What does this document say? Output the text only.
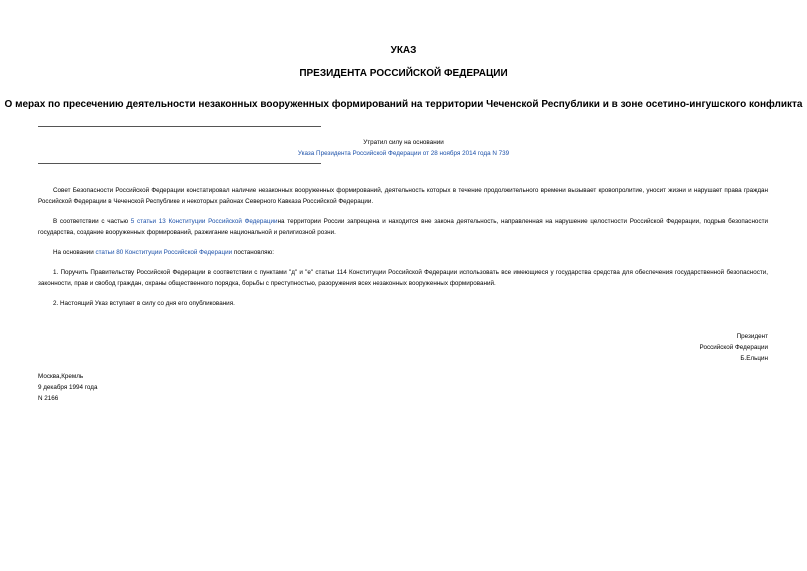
УКАЗ
ПРЕЗИДЕНТА РОССИЙСКОЙ ФЕДЕРАЦИИ
О мерах по пресечению деятельности незаконных вооруженных формирований на территории Чеченской Республики и в зоне осетино-ингушского конфликта
Утратил силу на основании
Указа Президента Российской Федерации от 28 ноября 2014 года N 739
Совет Безопасности Российской Федерации констатировал наличие незаконных вооруженных формирований, деятельность которых в течение продолжительного времени вызывает кровопролитие, уносит жизни и нарушает права граждан Российской Федерации в Чеченской Республике и некоторых районах Северного Кавказа Российской Федерации.
В соответствии с частью 5 статьи 13 Конституции Российской Федерациина территории России запрещена и находится вне закона деятельность, направленная на нарушение целостности Российской Федерации, подрыв безопасности государства, создание вооруженных формирований, разжигание национальной и религиозной розни.
На основании статьи 80 Конституции Российской Федерации постановляю:
1. Поручить Правительству Российской Федерации в соответствии с пунктами "д" и "е" статьи 114 Конституции Российской Федерации использовать все имеющиеся у государства средства для обеспечения государственной безопасности, законности, прав и свобод граждан, охраны общественного порядка, борьбы с преступностью, разоружения всех незаконных вооруженных формирований.
2. Настоящий Указ вступает в силу со дня его опубликования.
Президент
Российской Федерации
Б.Ельцин
Москва,Кремль
9 декабря 1994 года
N 2166
